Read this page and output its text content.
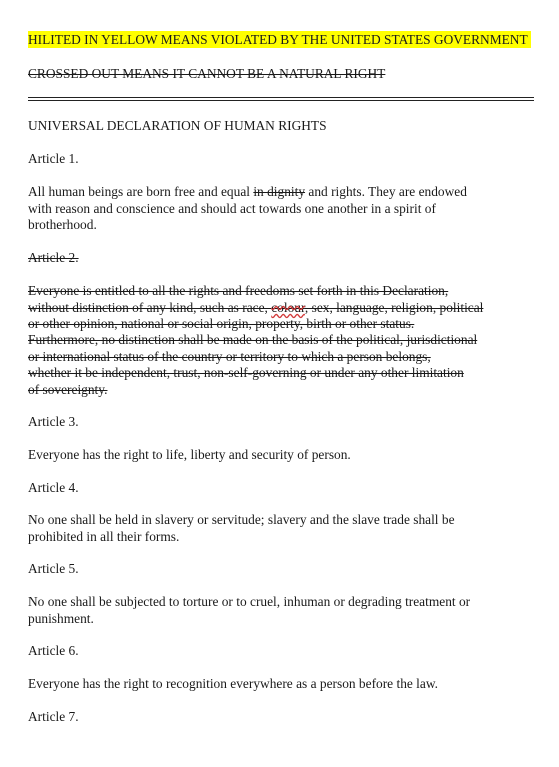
HILITED IN YELLOW MEANS VIOLATED BY THE UNITED STATES GOVERNMENT
CROSSED OUT MEANS IT CANNOT BE A NATURAL RIGHT
UNIVERSAL DECLARATION OF HUMAN RIGHTS
Article 1.
All human beings are born free and equal in dignity and rights. They are endowed
with reason and conscience and should act towards one another in a spirit of
brotherhood.
Article 2.
Everyone is entitled to all the rights and freedoms set forth in this Declaration,
without distinction of any kind, such as race, colour, sex, language, religion, political
or other opinion, national or social origin, property, birth or other status.
Furthermore, no distinction shall be made on the basis of the political, jurisdictional
or international status of the country or territory to which a person belongs,
whether it be independent, trust, non-self-governing or under any other limitation
of sovereignty.
Article 3.
Everyone has the right to life, liberty and security of person.
Article 4.
No one shall be held in slavery or servitude; slavery and the slave trade shall be
prohibited in all their forms.
Article 5.
No one shall be subjected to torture or to cruel, inhuman or degrading treatment or
punishment.
Article 6.
Everyone has the right to recognition everywhere as a person before the law.
Article 7.
